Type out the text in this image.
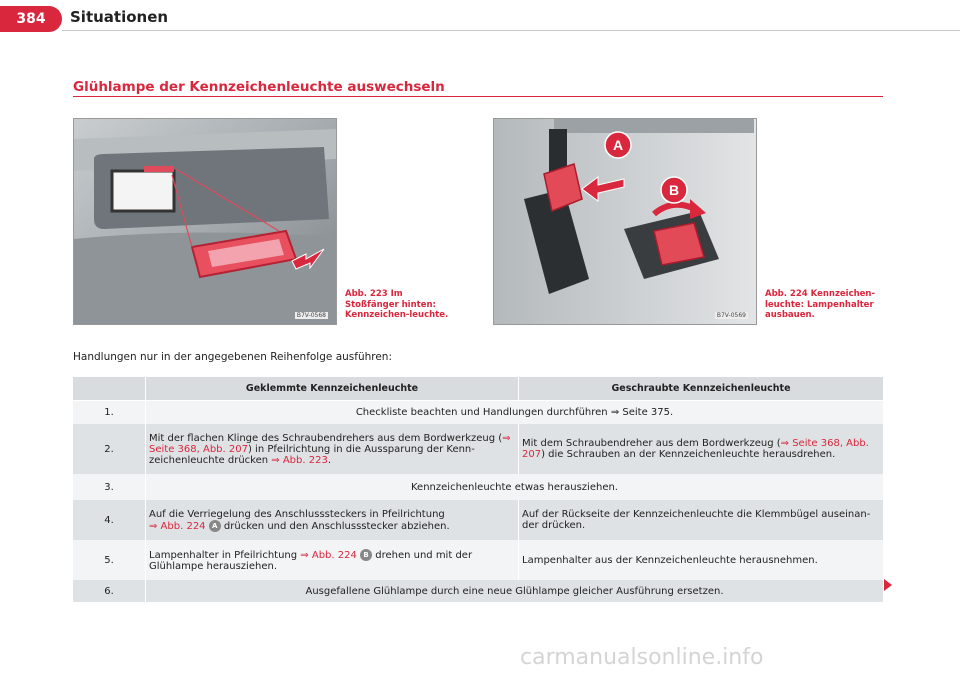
384	Situationen
Glühlampe der Kennzeichenleuchte auswechseln
B7V-0568
Abb. 223 Im Stoßfänger hinten: Kennzeichen-leuchte.
A
B
B7V-0569
Abb. 224 Kennzeichen-leuchte: Lampenhalter ausbauen.
Handlungen nur in der angegebenen Reihenfolge ausführen:
	Geklemmte Kennzeichenleuchte	Geschraubte Kennzeichenleuchte
1.	Checkliste beachten und Handlungen durchführen ⇒ Seite 375.	
2.	Mit der flachen Klinge des Schraubendrehers aus dem Bordwerkzeug (⇒ Seite 368, Abb. 207) in Pfeilrichtung in die Aussparung der Kenn-zeichenleuchte drücken ⇒ Abb. 223.	Mit dem Schraubendreher aus dem Bordwerkzeug (⇒ Seite 368, Abb. 207) die Schrauben an der Kennzeichenleuchte herausdrehen.
3.	Kennzeichenleuchte etwas herausziehen.	
4.	Auf die Verriegelung des Anschlusssteckers in Pfeilrichtung
⇒ Abb. 224 A drücken und den Anschlussstecker abziehen.	Auf der Rückseite der Kennzeichenleuchte die Klemmbügel auseinan-der drücken.
5.	Lampenhalter in Pfeilrichtung ⇒ Abb. 224 B drehen und mit der Glühlampe herausziehen.	Lampenhalter aus der Kennzeichenleuchte herausnehmen.
6.	Ausgefallene Glühlampe durch eine neue Glühlampe gleicher Ausführung ersetzen.	
carmanualsonline.info
